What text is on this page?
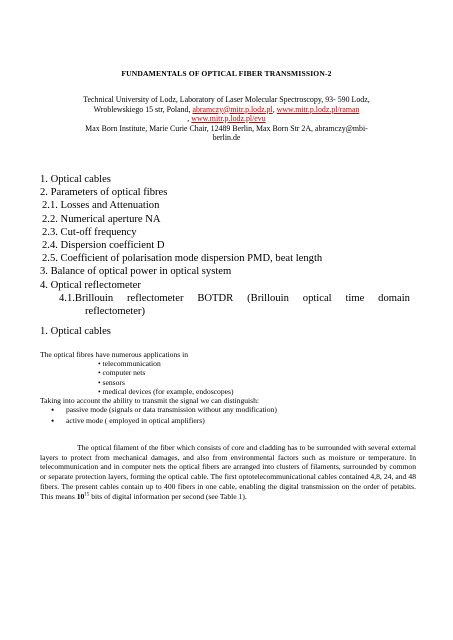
FUNDAMENTALS OF OPTICAL FIBER TRANSMISSION-2
Technical University of Lodz, Laboratory of Laser Molecular Spectroscopy, 93- 590 Lodz,
Wroblewskiego 15 str, Poland, abramczy@mitr.p.lodz.pl, www.mitr.p.lodz.pl/raman
, www.mitr.p.lodz.pl/evu
Max Born Institute, Marie Curie Chair, 12489 Berlin, Max Born Str 2A, abramczy@mbi-
berlin.de
1. Optical cables
2. Parameters of optical fibres
2.1. Losses and Attenuation
2.2. Numerical aperture NA
2.3. Cut-off frequency
2.4. Dispersion coefficient D
2.5. Coefficient of polarisation mode dispersion PMD, beat length
3. Balance of optical power in optical system
4. Optical reflectometer
4.1.Brillouin reflectometer BOTDR (Brillouin optical time domain
reflectometer)
1. Optical cables
The optical fibres have numerous applications in
• telecommunication
• computer nets
• sensors
• medical devices (for example, endoscopes)
Taking into account the ability to transmit the signal we can distinguish:
• passive mode (signals or data transmission without any modification)
• active mode ( employed in optical amplifiers)
The optical filament of the fiber which consists of core and cladding has to be surrounded with several external layers to protect from mechanical damages, and also from environmental factors such as moisture or temperature. In telecommunication and in computer nets the optical fibers are arranged into clusters of filaments, surrounded by common or separate protection layers, forming the optical cable. The first optotelecommunicational cables contained 4,8, 24, and 48 fibers. The present cables contain up to 400 fibers in one cable, enabling the digital transmission on the order of petabits. This means $10^{15}$ bits of digital information per second (see Table 1).
